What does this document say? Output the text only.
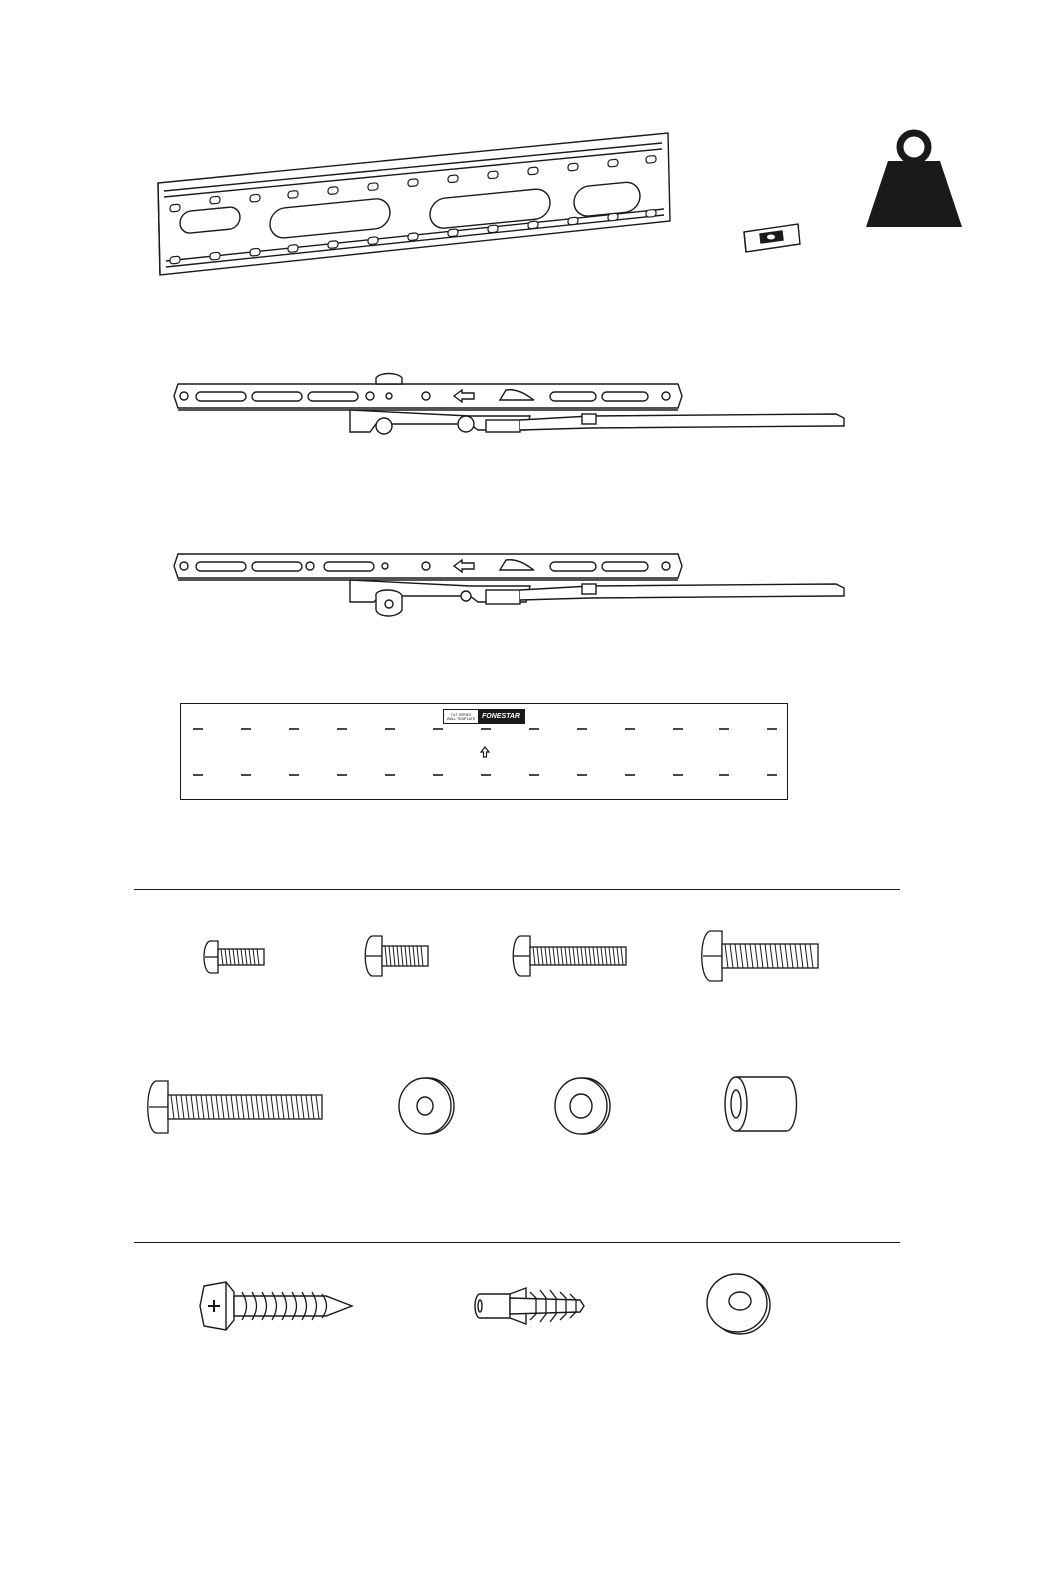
TILT SERIES
WALL TEMPLATE FONESTAR
